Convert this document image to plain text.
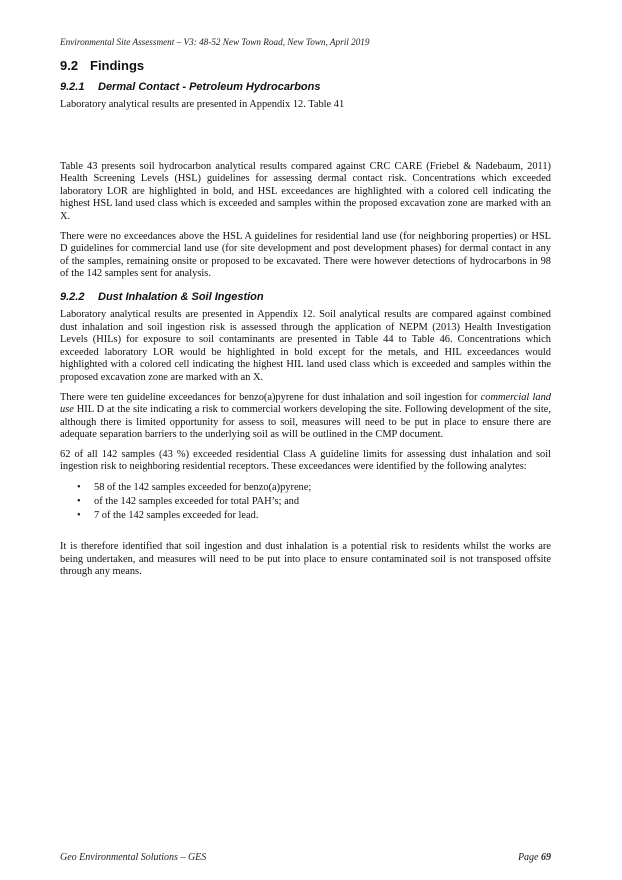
Environmental Site Assessment – V3: 48-52 New Town Road, New Town, April 2019
9.2 Findings
9.2.1 Dermal Contact - Petroleum Hydrocarbons

Laboratory analytical results are presented in Appendix 12. Table 41

Table 43 presents soil hydrocarbon analytical results compared against CRC CARE (Friebel & Nadebaum, 2011) Health Screening Levels (HSL) guidelines for assessing dermal contact risk. Concentrations which exceeded laboratory LOR are highlighted in bold, and HSL exceedances are highlighted with a colored cell indicating the highest HSL land used class which is exceeded and samples within the proposed excavation zone are marked with an X.

There were no exceedances above the HSL A guidelines for residential land use (for neighboring properties) or HSL D guidelines for commercial land use (for site development and post development phases) for dermal contact in any of the samples, remaining onsite or proposed to be excavated. There were however detections of hydrocarbons in 98 of the 142 samples sent for analysis.

9.2.2 Dust Inhalation & Soil Ingestion

Laboratory analytical results are presented in Appendix 12. Soil analytical results are compared against combined dust inhalation and soil ingestion risk is assessed through the application of NEPM (2013) Health Investigation Levels (HILs) for exposure to soil contaminants are presented in Table 44 to Table 46. Concentrations which exceeded laboratory LOR would be highlighted in bold except for the metals, and HIL exceedances would highlighted with a colored cell indicating the highest HIL land used class which is exceeded and samples within the proposed excavation zone are marked with an X.

There were ten guideline exceedances for benzo(a)pyrene for dust inhalation and soil ingestion for commercial land use HIL D at the site indicating a risk to commercial workers developing the site. Following development of the site, although there is limited opportunity for assess to soil, measures will need to be put in place to ensure there are adequate separation barriers to the underlying soil as will be outlined in the CMP document.

62 of all 142 samples (43 %) exceeded residential Class A guideline limits for assessing dust inhalation and soil ingestion risk to neighboring residential receptors. These exceedances were identified by the following analytes:

• 58 of the 142 samples exceeded for benzo(a)pyrene;
• of the 142 samples exceeded for total PAH’s; and
• 7 of the 142 samples exceeded for lead.

It is therefore identified that soil ingestion and dust inhalation is a potential risk to residents whilst the works are being undertaken, and measures will need to be put into place to ensure contaminated soil is not transposed offsite through any means.

Geo Environmental Solutions – GES	Page 69
